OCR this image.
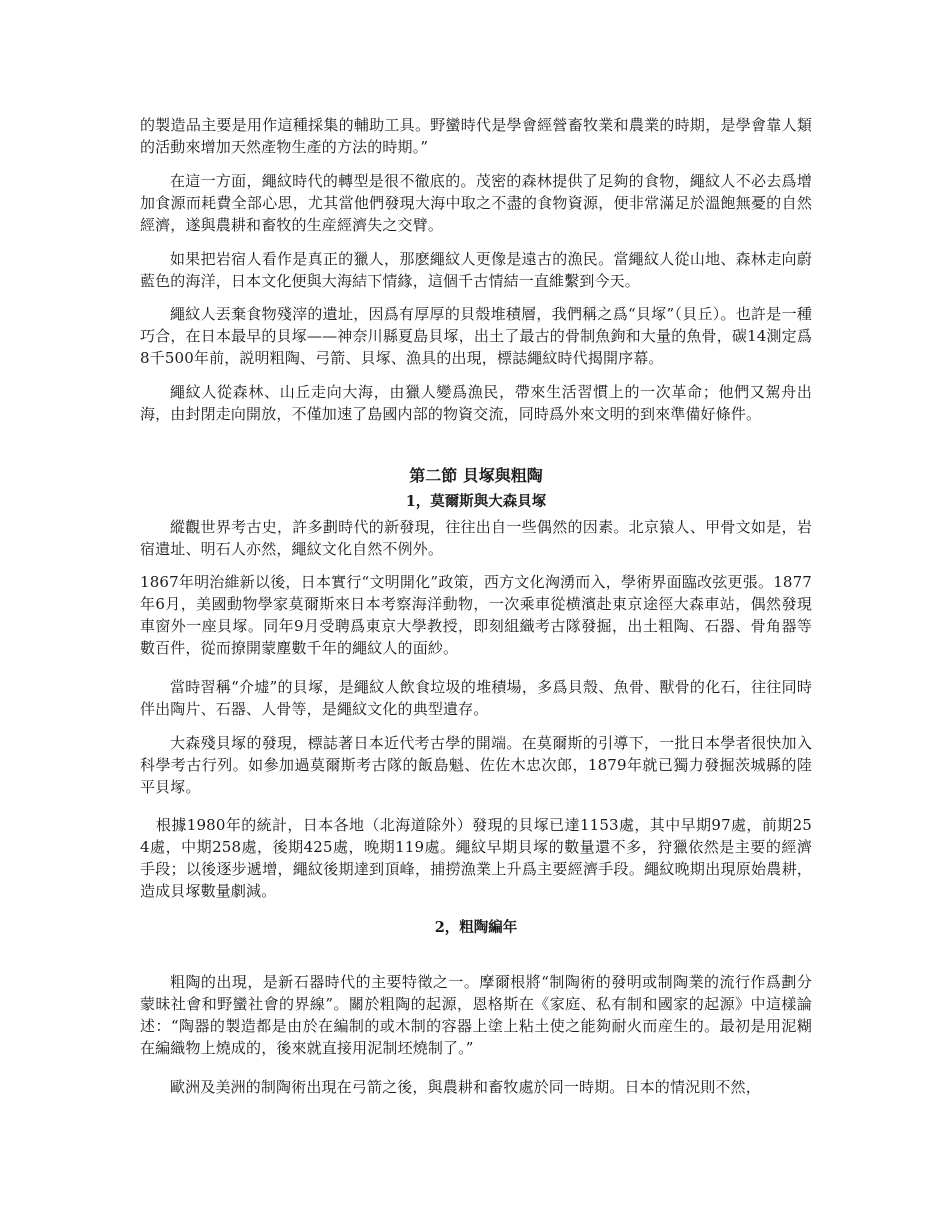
的製造品主要是用作這種採集的輔助工具。野蠻時代是學會經營畜牧業和農業的時期，是學會靠人類的活動來增加天然產物生產的方法的時期。”

在這一方面，繩紋時代的轉型是很不徹底的。茂密的森林提供了足夠的食物，繩紋人不必去爲增加食源而耗費全部心思，尤其當他們發現大海中取之不盡的食物資源，便非常滿足於溫飽無憂的自然經濟，遂與農耕和畜牧的生産經濟失之交臂。

如果把岩宿人看作是真正的獵人，那麽繩紋人更像是遠古的漁民。當繩紋人從山地、森林走向蔚藍色的海洋，日本文化便與大海結下情緣，這個千古情結一直維繫到今天。

繩紋人丟棄食物殘滓的遺址，因爲有厚厚的貝殼堆積層，我們稱之爲“貝塚”（貝丘）。也許是一種巧合，在日本最早的貝塚——神奈川縣夏島貝塚，出土了最古的骨制魚鉤和大量的魚骨，碳14測定爲8千500年前，説明粗陶、弓箭、貝塚、漁具的出現，標誌繩紋時代揭開序幕。

繩紋人從森林、山丘走向大海，由獵人變爲漁民，帶來生活習慣上的一次革命；他們又駕舟出海，由封閉走向開放，不僅加速了島國内部的物資交流，同時爲外來文明的到來準備好條件。

第二節 貝塚與粗陶
1，莫爾斯與大森貝塚

縱觀世界考古史，許多劃時代的新發現，往往出自一些偶然的因素。北京猿人、甲骨文如是，岩宿遺址、明石人亦然，繩紋文化自然不例外。

1867年明治維新以後，日本實行“文明開化”政策，西方文化洶湧而入，學術界面臨改弦更張。1877年6月，美國動物學家莫爾斯來日本考察海洋動物，一次乘車從横濱赴東京途徑大森車站，偶然發現車窗外一座貝塚。同年9月受聘爲東京大學教授，即刻組織考古隊發掘，出土粗陶、石器、骨角器等數百件，從而撩開蒙塵數千年的繩紋人的面紗。

當時習稱“介墟”的貝塚，是繩紋人飲食垃圾的堆積場，多爲貝殼、魚骨、獸骨的化石，往往同時伴出陶片、石器、人骨等，是繩紋文化的典型遺存。

大森殘貝塚的發現，標誌著日本近代考古學的開端。在莫爾斯的引導下，一批日本學者很快加入科學考古行列。如參加過莫爾斯考古隊的飯島魁、佐佐木忠次郎，1879年就已獨力發掘茨城縣的陸平貝塚。

根據1980年的統計，日本各地（北海道除外）發現的貝塚已達1153處，其中早期97處，前期254處，中期258處，後期425處，晚期119處。繩紋早期貝塚的數量還不多，狩獵依然是主要的經濟手段；以後逐步遞增，繩紋後期達到頂峰，捕撈漁業上升爲主要經濟手段。繩紋晚期出現原始農耕，造成貝塚數量劇減。

2，粗陶編年

粗陶的出現，是新石器時代的主要特徵之一。摩爾根將“制陶術的發明或制陶業的流行作爲劃分蒙昧社會和野蠻社會的界線”。關於粗陶的起源，恩格斯在《家庭、私有制和國家的起源》中這樣論述：“陶器的製造都是由於在編制的或木制的容器上塗上粘土使之能夠耐火而産生的。最初是用泥糊在編織物上燒成的，後來就直接用泥制坯燒制了。”

歐洲及美洲的制陶術出現在弓箭之後，與農耕和畜牧處於同一時期。日本的情況則不然，
